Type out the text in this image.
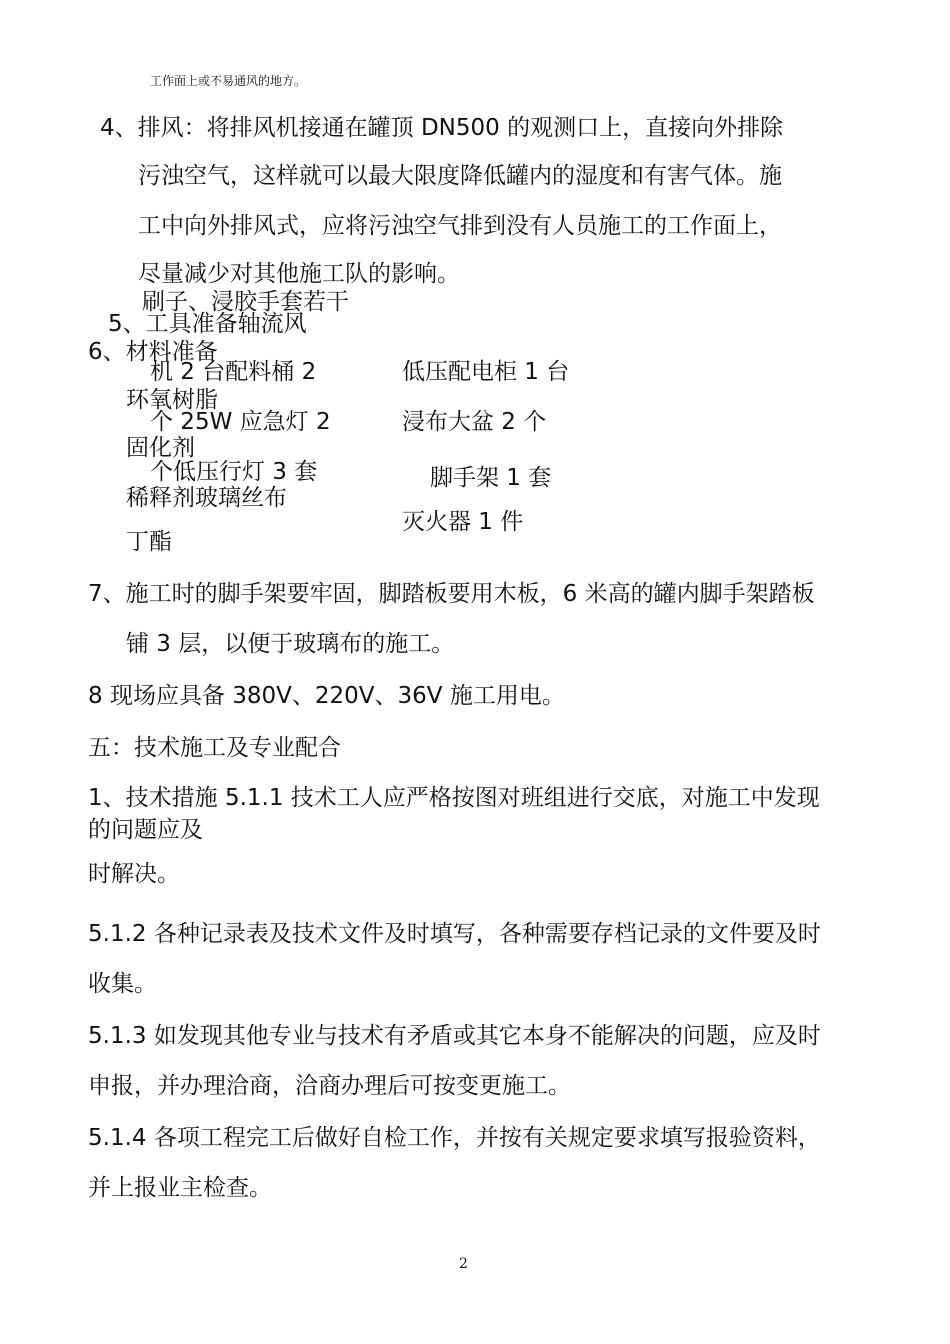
工作面上或不易通风的地方。
4、排风：将排风机接通在罐顶 DN500 的观测口上，直接向外排除
污浊空气，这样就可以最大限度降低罐内的湿度和有害气体。施
工中向外排风式，应将污浊空气排到没有人员施工的工作面上，
尽量减少对其他施工队的影响。
刷子、浸胶手套若干
5、工具准备轴流风
6、材料准备
机 2 台配料桶 2	低压配电柜 1 台
环氧树脂
个 25W 应急灯 2	浸布大盆 2 个
固化剂
个低压行灯 3 套	脚手架 1 套
稀释剂玻璃丝布
灭火器 1 件
丁酯
7、施工时的脚手架要牢固，脚踏板要用木板，6 米高的罐内脚手架踏板
铺 3 层，以便于玻璃布的施工。
8 现场应具备 380V、220V、36V 施工用电。
五：技术施工及专业配合
1、技术措施 5.1.1 技术工人应严格按图对班组进行交底，对施工中发现
的问题应及
时解决。
5.1.2 各种记录表及技术文件及时填写，各种需要存档记录的文件要及时
收集。
5.1.3 如发现其他专业与技术有矛盾或其它本身不能解决的问题，应及时
申报，并办理洽商，洽商办理后可按变更施工。
5.1.4 各项工程完工后做好自检工作，并按有关规定要求填写报验资料，
并上报业主检查。
2
